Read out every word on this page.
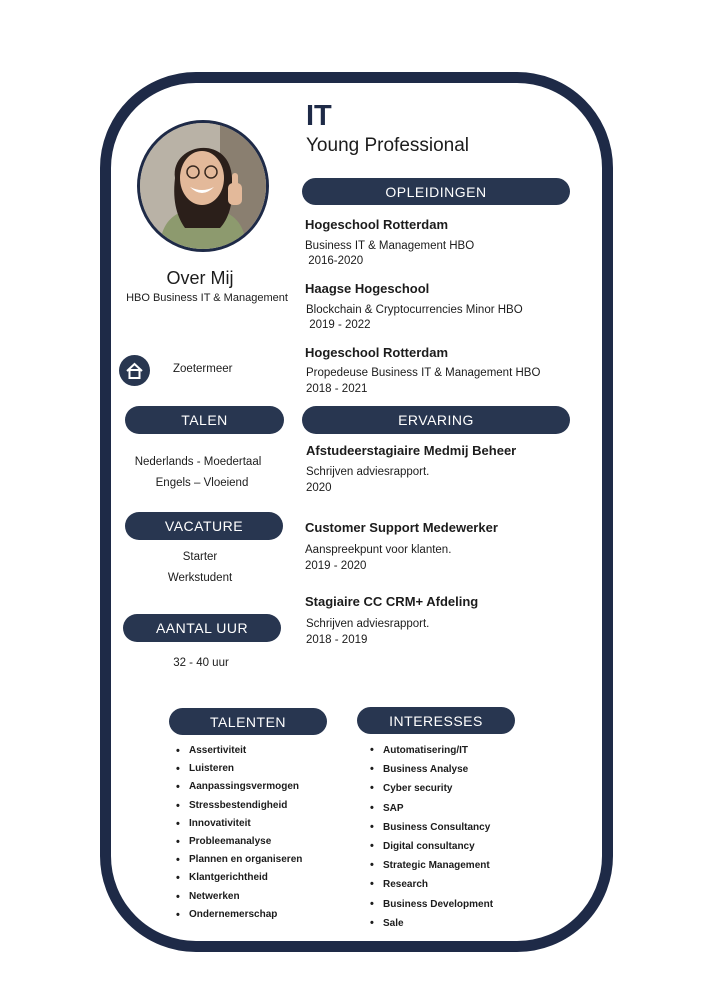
IT
Young Professional
Over Mij
HBO Business IT & Management
Zoetermeer
OPLEIDINGEN
ERVARING
TALEN
VACATURE
AANTAL UUR
TALENTEN	INTERESSES
Hogeschool Rotterdam
Business IT & Management HBO
2016-2020
Haagse Hogeschool
Blockchain & Cryptocurrencies Minor HBO
2019 - 2022
Hogeschool Rotterdam
Propedeuse Business IT & Management HBO
2018 - 2021
Afstudeerstagiaire Medmij Beheer
Schrijven adviesrapport.
2020
Customer Support Medewerker
Aanspreekpunt voor klanten.
2019 - 2020
Stagiaire CC CRM+ Afdeling
Schrijven adviesrapport.
2018 - 2019
Nederlands - Moedertaal
Engels – Vloeiend
Starter
Werkstudent
32 - 40 uur
• Assertiviteit
• Luisteren
• Aanpassingsvermogen
• Stressbestendigheid
• Innovativiteit
• Probleemanalyse
• Plannen en organiseren
• Klantgerichtheid
• Netwerken
• Ondernemerschap
• Automatisering/IT
• Business Analyse
• Cyber security
• SAP
• Business Consultancy
• Digital consultancy
• Strategic Management
• Research
• Business Development
• Sale
